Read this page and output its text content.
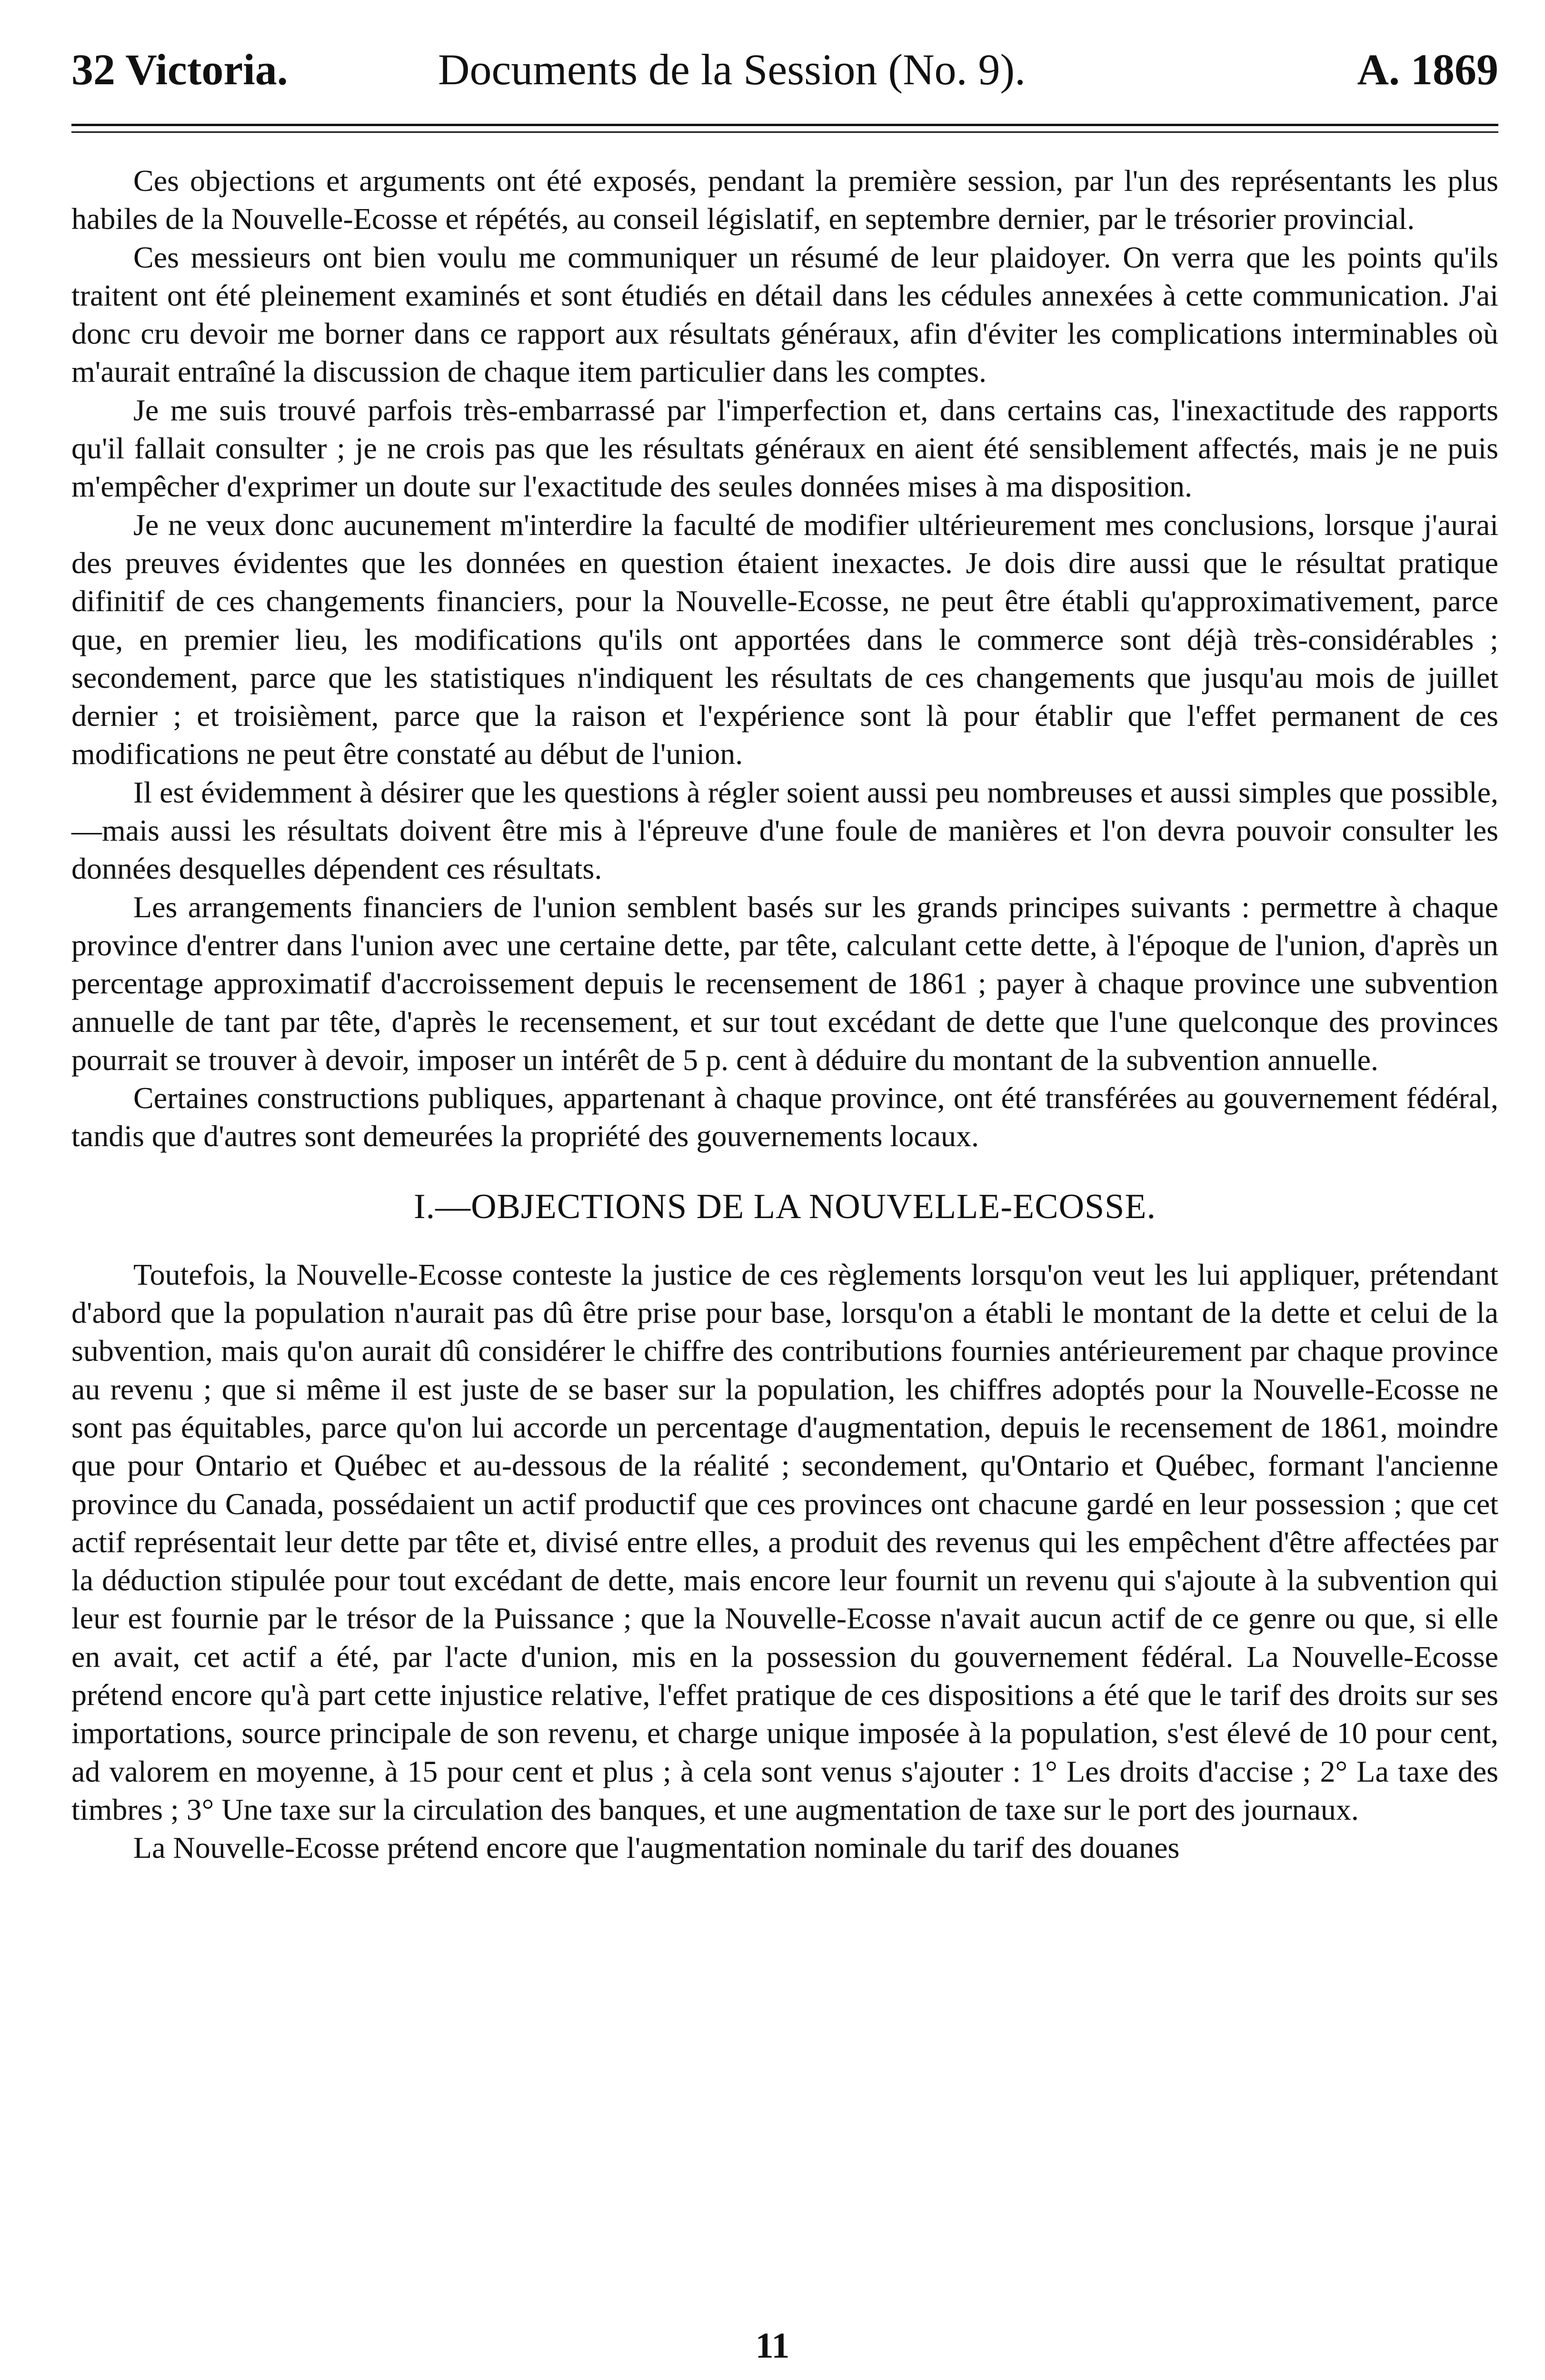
32 Victoria.	Documents de la Session (No. 9).	A. 1869

Ces objections et arguments ont été exposés, pendant la première session, par l'un des représentants les plus habiles de la Nouvelle-Ecosse et répétés, au conseil législatif, en septembre dernier, par le trésorier provincial.

Ces messieurs ont bien voulu me communiquer un résumé de leur plaidoyer. On verra que les points qu'ils traitent ont été pleinement examinés et sont étudiés en détail dans les cédules annexées à cette communication. J'ai donc cru devoir me borner dans ce rapport aux résultats généraux, afin d'éviter les complications interminables où m'aurait entraîné la discussion de chaque item particulier dans les comptes.

Je me suis trouvé parfois très-embarrassé par l'imperfection et, dans certains cas, l'inexactitude des rapports qu'il fallait consulter ; je ne crois pas que les résultats généraux en aient été sensiblement affectés, mais je ne puis m'empêcher d'exprimer un doute sur l'exactitude des seules données mises à ma disposition.

Je ne veux donc aucunement m'interdire la faculté de modifier ultérieurement mes conclusions, lorsque j'aurai des preuves évidentes que les données en question étaient inexactes. Je dois dire aussi que le résultat pratique difinitif de ces changements financiers, pour la Nouvelle-Ecosse, ne peut être établi qu'approximativement, parce que, en premier lieu, les modifications qu'ils ont apportées dans le commerce sont déjà très-considérables ; secondement, parce que les statistiques n'indiquent les résultats de ces changements que jusqu'au mois de juillet dernier ; et troisièment, parce que la raison et l'expérience sont là pour établir que l'effet permanent de ces modifications ne peut être constaté au début de l'union.

Il est évidemment à désirer que les questions à régler soient aussi peu nombreuses et aussi simples que possible,—mais aussi les résultats doivent être mis à l'épreuve d'une foule de manières et l'on devra pouvoir consulter les données desquelles dépendent ces résultats.

Les arrangements financiers de l'union semblent basés sur les grands principes suivants : permettre à chaque province d'entrer dans l'union avec une certaine dette, par tête, calculant cette dette, à l'époque de l'union, d'après un percentage approximatif d'accroissement depuis le recensement de 1861 ; payer à chaque province une subvention annuelle de tant par tête, d'après le recensement, et sur tout excédant de dette que l'une quelconque des provinces pourrait se trouver à devoir, imposer un intérêt de 5 p. cent à déduire du montant de la subvention annuelle.

Certaines constructions publiques, appartenant à chaque province, ont été transférées au gouvernement fédéral, tandis que d'autres sont demeurées la propriété des gouvernements locaux.

I.—OBJECTIONS DE LA NOUVELLE-ECOSSE.

Toutefois, la Nouvelle-Ecosse conteste la justice de ces règlements lorsqu'on veut les lui appliquer, prétendant d'abord que la population n'aurait pas dû être prise pour base, lorsqu'on a établi le montant de la dette et celui de la subvention, mais qu'on aurait dû considérer le chiffre des contributions fournies antérieurement par chaque province au revenu ; que si même il est juste de se baser sur la population, les chiffres adoptés pour la Nouvelle-Ecosse ne sont pas équitables, parce qu'on lui accorde un percentage d'augmentation, depuis le recensement de 1861, moindre que pour Ontario et Québec et au-dessous de la réalité ; secondement, qu'Ontario et Québec, formant l'ancienne province du Canada, possédaient un actif productif que ces provinces ont chacune gardé en leur possession ; que cet actif représentait leur dette par tête et, divisé entre elles, a produit des revenus qui les empêchent d'être affectées par la déduction stipulée pour tout excédant de dette, mais encore leur fournit un revenu qui s'ajoute à la subvention qui leur est fournie par le trésor de la Puissance ; que la Nouvelle-Ecosse n'avait aucun actif de ce genre ou que, si elle en avait, cet actif a été, par l'acte d'union, mis en la possession du gouvernement fédéral. La Nouvelle-Ecosse prétend encore qu'à part cette injustice relative, l'effet pratique de ces dispositions a été que le tarif des droits sur ses importations, source principale de son revenu, et charge unique imposée à la population, s'est élevé de 10 pour cent, ad valorem en moyenne, à 15 pour cent et plus ; à cela sont venus s'ajouter : 1° Les droits d'accise ; 2° La taxe des timbres ; 3° Une taxe sur la circulation des banques, et une augmentation de taxe sur le port des journaux.

La Nouvelle-Ecosse prétend encore que l'augmentation nominale du tarif des douanes

11
